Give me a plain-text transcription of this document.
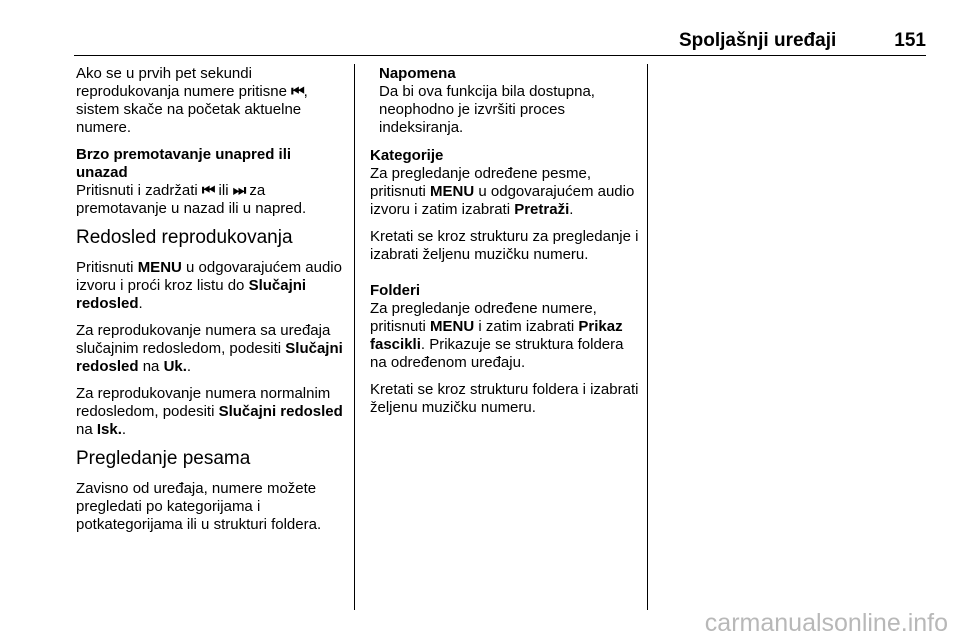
Spoljašnji uređaji	151

Ako se u prvih pet sekundi reprodukovanja numere pritisne ⏮, sistem skače na početak aktuelne numere.

Brzo premotavanje unapred ili unazad

Pritisnuti i zadržati ⏮ ili ⏭ za premotavanje u nazad ili u napred.

Redosled reprodukovanja

Pritisnuti MENU u odgovarajućem audio izvoru i proći kroz listu do Slučajni redosled.

Za reprodukovanje numera sa uređaja slučajnim redosledom, podesiti Slučajni redosled na Uk..

Za reprodukovanje numera normalnim redosledom, podesiti Slučajni redosled na Isk..

Pregledanje pesama

Zavisno od uređaja, numere možete pregledati po kategorijama i potkategorijama ili u strukturi foldera.

Napomena
Da bi ova funkcija bila dostupna, neophodno je izvršiti proces indeksiranja.
Kategorije

Za pregledanje određene pesme, pritisnuti MENU u odgovarajućem audio izvoru i zatim izabrati Pretraži.

Kretati se kroz strukturu za pregledanje i izabrati željenu muzičku numeru.

Folderi

Za pregledanje određene numere, pritisnuti MENU i zatim izabrati Prikaz fascikli. Prikazuje se struktura foldera na određenom uređaju.

Kretati se kroz strukturu foldera i izabrati željenu muzičku numeru.

carmanualsonline.info
